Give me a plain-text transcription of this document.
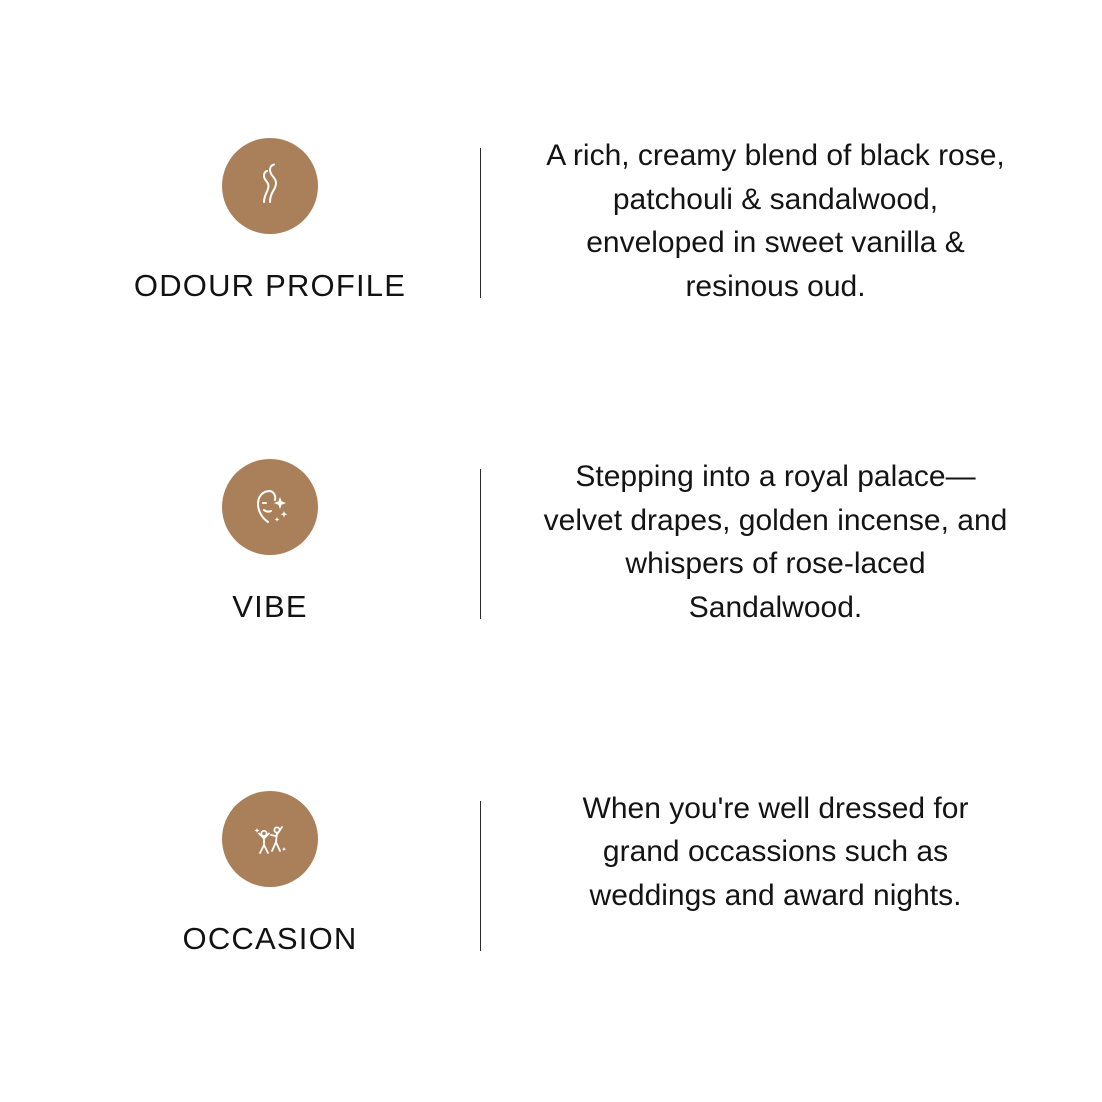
ODOUR PROFILE
A rich, creamy blend of black rose, patchouli & sandalwood, enveloped in sweet vanilla & resinous oud.
VIBE
Stepping into a royal palace—velvet drapes, golden incense, and whispers of rose-laced Sandalwood.
OCCASION
When you're well dressed for grand occassions such as weddings and award nights.
